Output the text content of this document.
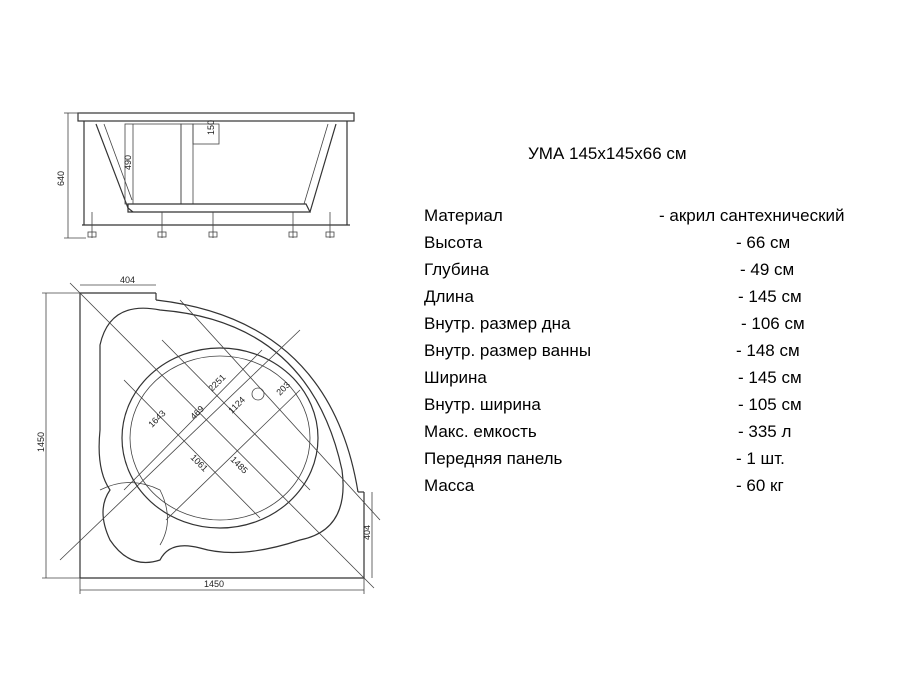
640
490
150
1450
1450
404
404
2251
1643 469 1124
1061 1485
203
УМА 145х145х66 см
Материал	- акрил сантехнический
Высота	- 66 см
Глубина	- 49 см
Длина	- 145 см
Внутр. размер дна	- 106 см
Внутр. размер ванны	- 148 см
Ширина	- 145 см
Внутр. ширина	- 105 см
Макс. емкость	- 335 л
Передняя панель	- 1 шт.
Масса	- 60 кг
